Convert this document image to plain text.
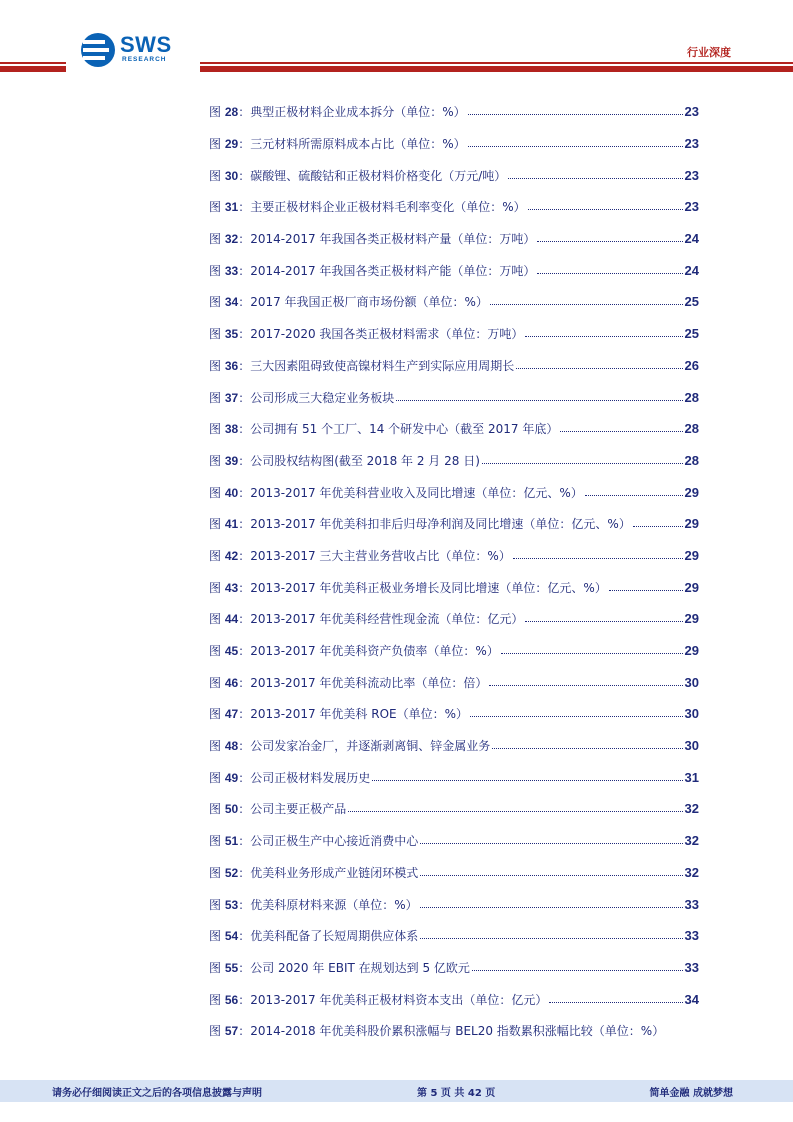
SWS
RESEARCH
行业深度
图 28：典型正极材料企业成本拆分（单位：%）	23
图 29：三元材料所需原料成本占比（单位：%）	23
图 30：碳酸锂、硫酸钴和正极材料价格变化（万元/吨）	23
图 31：主要正极材料企业正极材料毛利率变化（单位：%）	23
图 32：2014-2017 年我国各类正极材料产量（单位：万吨）	24
图 33：2014-2017 年我国各类正极材料产能（单位：万吨）	24
图 34：2017 年我国正极厂商市场份额（单位：%）	25
图 35：2017-2020 我国各类正极材料需求（单位：万吨）	25
图 36：三大因素阻碍致使高镍材料生产到实际应用周期长	26
图 37：公司形成三大稳定业务板块	28
图 38：公司拥有 51 个工厂、14 个研发中心（截至 2017 年底）	28
图 39：公司股权结构图(截至 2018 年 2 月 28 日)	28
图 40：2013-2017 年优美科营业收入及同比增速（单位：亿元、%）	29
图 41：2013-2017 年优美科扣非后归母净利润及同比增速（单位：亿元、%）	29
图 42：2013-2017 三大主营业务营收占比（单位：%）	29
图 43：2013-2017 年优美科正极业务增长及同比增速（单位：亿元、%）	29
图 44：2013-2017 年优美科经营性现金流（单位：亿元）	29
图 45：2013-2017 年优美科资产负债率（单位：%）	29
图 46：2013-2017 年优美科流动比率（单位：倍）	30
图 47：2013-2017 年优美科 ROE（单位：%）	30
图 48：公司发家冶金厂，并逐渐剥离铜、锌金属业务	30
图 49：公司正极材料发展历史	31
图 50：公司主要正极产品	32
图 51：公司正极生产中心接近消费中心	32
图 52：优美科业务形成产业链闭环模式	32
图 53：优美科原材料来源（单位：%）	33
图 54：优美科配备了长短周期供应体系	33
图 55：公司 2020 年 EBIT 在规划达到 5 亿欧元	33
图 56：2013-2017 年优美科正极材料资本支出（单位：亿元）	34
图 57：2014-2018 年优美科股价累积涨幅与 BEL20 指数累积涨幅比较（单位：%）
请务必仔细阅读正文之后的各项信息披露与声明	第 5 页 共 42 页	简单金融 成就梦想
